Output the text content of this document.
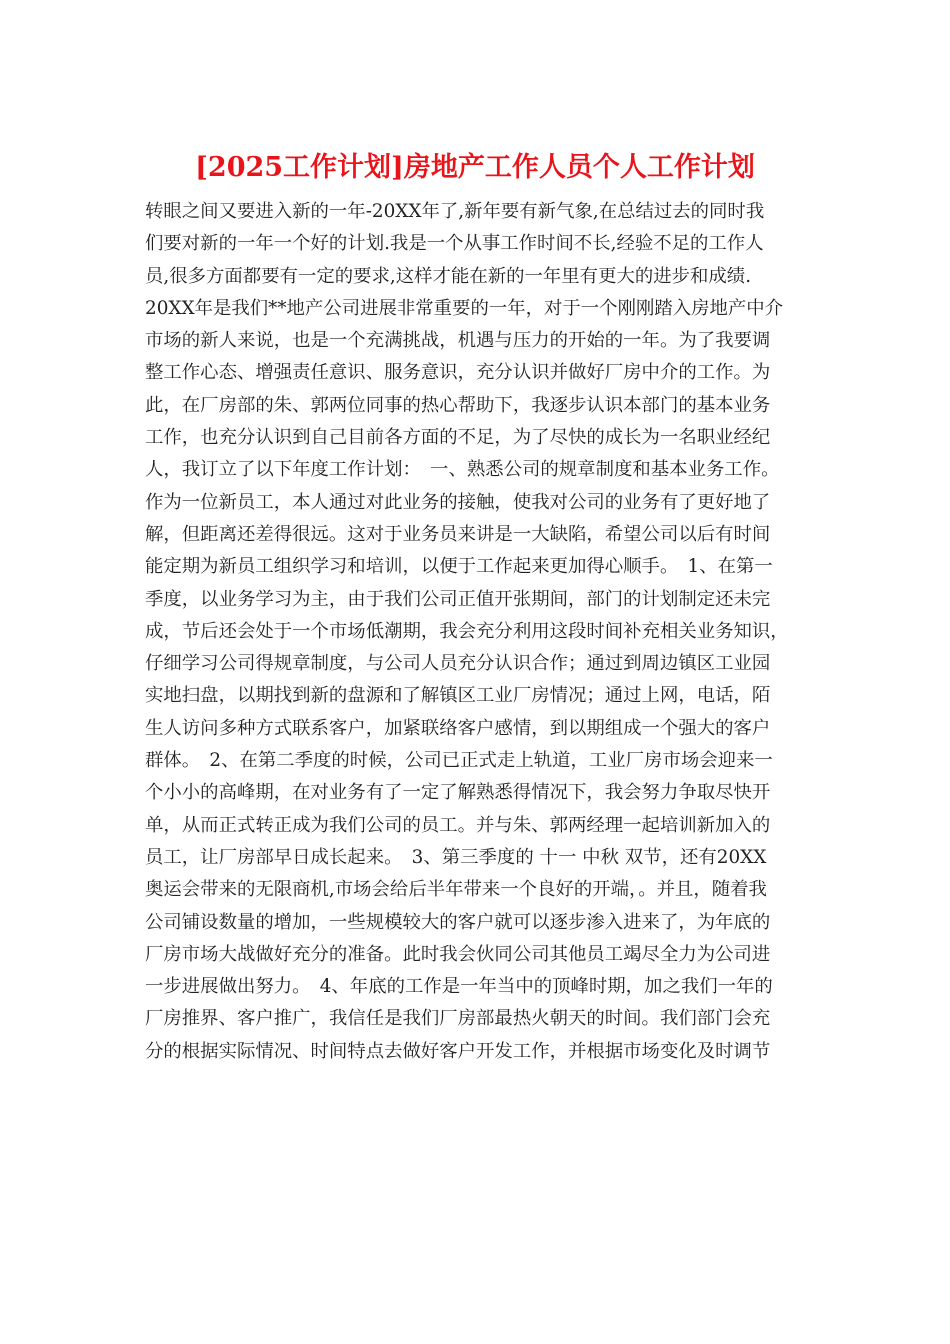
[2025工作计划]房地产工作人员个人工作计划
转眼之间又要进入新的一年-20XX年了,新年要有新气象,在总结过去的同时我
们要对新的一年一个好的计划.我是一个从事工作时间不长,经验不足的工作人
员,很多方面都要有一定的要求,这样才能在新的一年里有更大的进步和成绩.
20XX年是我们**地产公司进展非常重要的一年，对于一个刚刚踏入房地产中介
市场的新人来说，也是一个充满挑战，机遇与压力的开始的一年。为了我要调
整工作心态、增强责任意识、服务意识，充分认识并做好厂房中介的工作。为
此，在厂房部的朱、郭两位同事的热心帮助下，我逐步认识本部门的基本业务
工作，也充分认识到自己目前各方面的不足，为了尽快的成长为一名职业经纪
人，我订立了以下年度工作计划：　一、熟悉公司的规章制度和基本业务工作。
作为一位新员工，本人通过对此业务的接触，使我对公司的业务有了更好地了
解，但距离还差得很远。这对于业务员来讲是一大缺陷，希望公司以后有时间
能定期为新员工组织学习和培训，以便于工作起来更加得心顺手。　1、在第一
季度，以业务学习为主，由于我们公司正值开张期间，部门的计划制定还未完
成，节后还会处于一个市场低潮期，我会充分利用这段时间补充相关业务知识，
仔细学习公司得规章制度，与公司人员充分认识合作；通过到周边镇区工业园
实地扫盘，以期找到新的盘源和了解镇区工业厂房情况；通过上网，电话，陌
生人访问多种方式联系客户，加紧联络客户感情，到以期组成一个强大的客户
群体。　2、在第二季度的时候，公司已正式走上轨道，工业厂房市场会迎来一
个小小的高峰期，在对业务有了一定了解熟悉得情况下，我会努力争取尽快开
单，从而正式转正成为我们公司的员工。并与朱、郭两经理一起培训新加入的
员工，让厂房部早日成长起来。　3、第三季度的 十一 中秋 双节，还有20XX
奥运会带来的无限商机,市场会给后半年带来一个良好的开端，。并且，随着我
公司铺设数量的增加，一些规模较大的客户就可以逐步渗入进来了，为年底的
厂房市场大战做好充分的准备。此时我会伙同公司其他员工竭尽全力为公司进
一步进展做出努力。　4、年底的工作是一年当中的顶峰时期，加之我们一年的
厂房推界、客户推广，我信任是我们厂房部最热火朝天的时间。我们部门会充
分的根据实际情况、时间特点去做好客户开发工作，并根据市场变化及时调节
